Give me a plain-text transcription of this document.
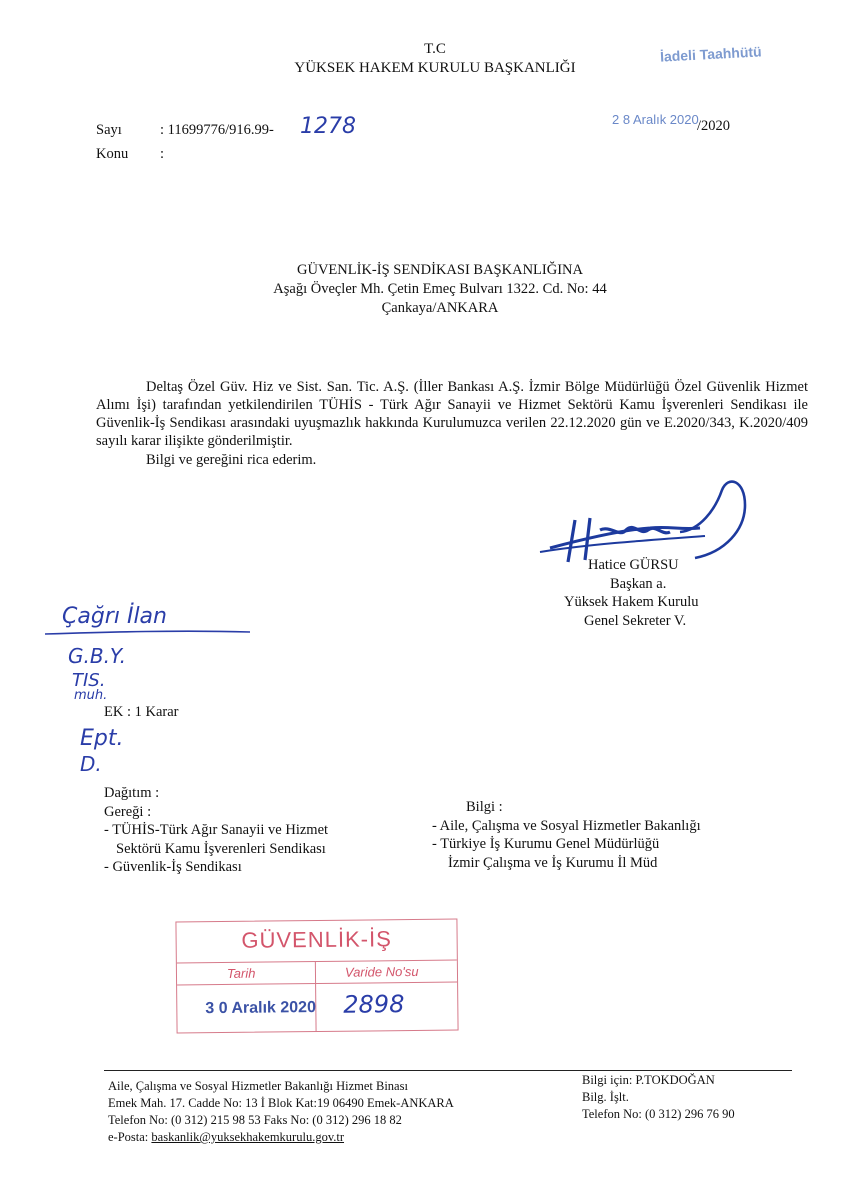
T.C
YÜKSEK HAKEM KURULU BAŞKANLIĞI
İadeli Taahhütü
Sayı	: 11699776/916.99- 1278
Konu :
2 8 Aralık 2020
/2020
GÜVENLİK-İŞ SENDİKASI BAŞKANLIĞINA
Aşağı Öveçler Mh. Çetin Emeç Bulvarı 1322. Cd. No: 44
Çankaya/ANKARA

Deltaş Özel Güv. Hiz ve Sist. San. Tic. A.Ş. (İller Bankası A.Ş. İzmir Bölge Müdürlüğü Özel Güvenlik Hizmet Alımı İşi) tarafından yetkilendirilen TÜHİS - Türk Ağır Sanayii ve Hizmet Sektörü Kamu İşverenleri Sendikası ile Güvenlik-İş Sendikası arasındaki uyuşmazlık hakkında Kurulumuzca verilen 22.12.2020 gün ve E.2020/343, K.2020/409 sayılı karar ilişikte gönderilmiştir.

Bilgi ve gereğini rica ederim.
Hatice GÜRSU
Başkan a.
Yüksek Hakem Kurulu
Genel Sekreter V.
Çağrı İlan
G.B.Y.
TIS.
muh.
Ept.
D.
EK : 1 Karar
Dağıtım :
Gereği :
- TÜHİS-Türk Ağır Sanayii ve Hizmet
Sektörü Kamu İşverenleri Sendikası
- Güvenlik-İş Sendikası
Bilgi :
- Aile, Çalışma ve Sosyal Hizmetler Bakanlığı
- Türkiye İş Kurumu Genel Müdürlüğü
İzmir Çalışma ve İş Kurumu İl Müd
GÜVENLİK-İŞ
Tarih	Varide No'su
3 0 Aralık 2020 2898
Aile, Çalışma ve Sosyal Hizmetler Bakanlığı Hizmet Binası
Emek Mah. 17. Cadde No: 13 İ Blok Kat:19 06490 Emek-ANKARA
Telefon No: (0 312) 215 98 53 Faks No: (0 312) 296 18 82
e-Posta: baskanlik@yuksekhakemkurulu.gov.tr
Bilgi için: P.TOKDOĞAN
Bilg. İşlt.
Telefon No: (0 312) 296 76 90
